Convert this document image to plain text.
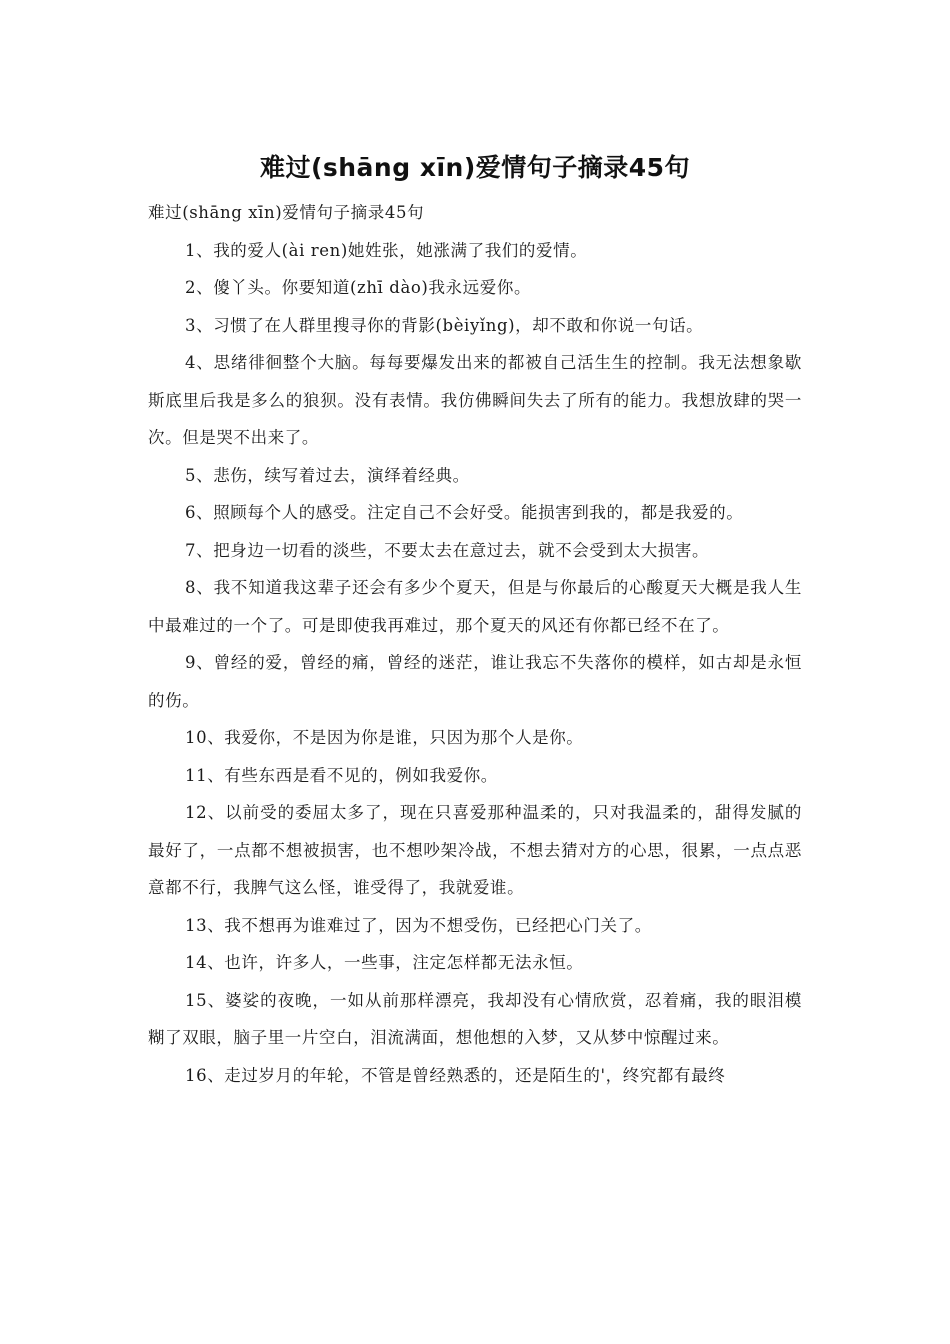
难过(shāng xīn)爱情句子摘录45句

难过(shāng xīn)爱情句子摘录45句

1、我的爱人(ài ren)她姓张，她涨满了我们的爱情。

2、傻丫头。你要知道(zhī dào)我永远爱你。

3、习惯了在人群里搜寻你的背影(bèiyǐng)，却不敢和你说一句话。

4、思绪徘徊整个大脑。每每要爆发出来的都被自己活生生的控制。我无法想象歇斯底里后我是多么的狼狈。没有表情。我仿佛瞬间失去了所有的能力。我想放肆的哭一次。但是哭不出来了。

5、悲伤，续写着过去，演绎着经典。

6、照顾每个人的感受。注定自己不会好受。能损害到我的，都是我爱的。

7、把身边一切看的淡些，不要太去在意过去，就不会受到太大损害。

8、我不知道我这辈子还会有多少个夏天，但是与你最后的心酸夏天大概是我人生中最难过的一个了。可是即使我再难过，那个夏天的风还有你都已经不在了。

9、曾经的爱，曾经的痛，曾经的迷茫，谁让我忘不失落你的模样，如古却是永恒的伤。

10、我爱你，不是因为你是谁，只因为那个人是你。

11、有些东西是看不见的，例如我爱你。

12、以前受的委屈太多了，现在只喜爱那种温柔的，只对我温柔的，甜得发腻的最好了，一点都不想被损害，也不想吵架冷战，不想去猜对方的心思，很累，一点点恶意都不行，我脾气这么怪，谁受得了，我就爱谁。

13、我不想再为谁难过了，因为不想受伤，已经把心门关了。

14、也许，许多人，一些事，注定怎样都无法永恒。

15、婆娑的夜晚，一如从前那样漂亮，我却没有心情欣赏，忍着痛，我的眼泪模糊了双眼，脑子里一片空白，泪流满面，想他想的入梦，又从梦中惊醒过来。

16、走过岁月的年轮，不管是曾经熟悉的，还是陌生的'，终究都有最终
